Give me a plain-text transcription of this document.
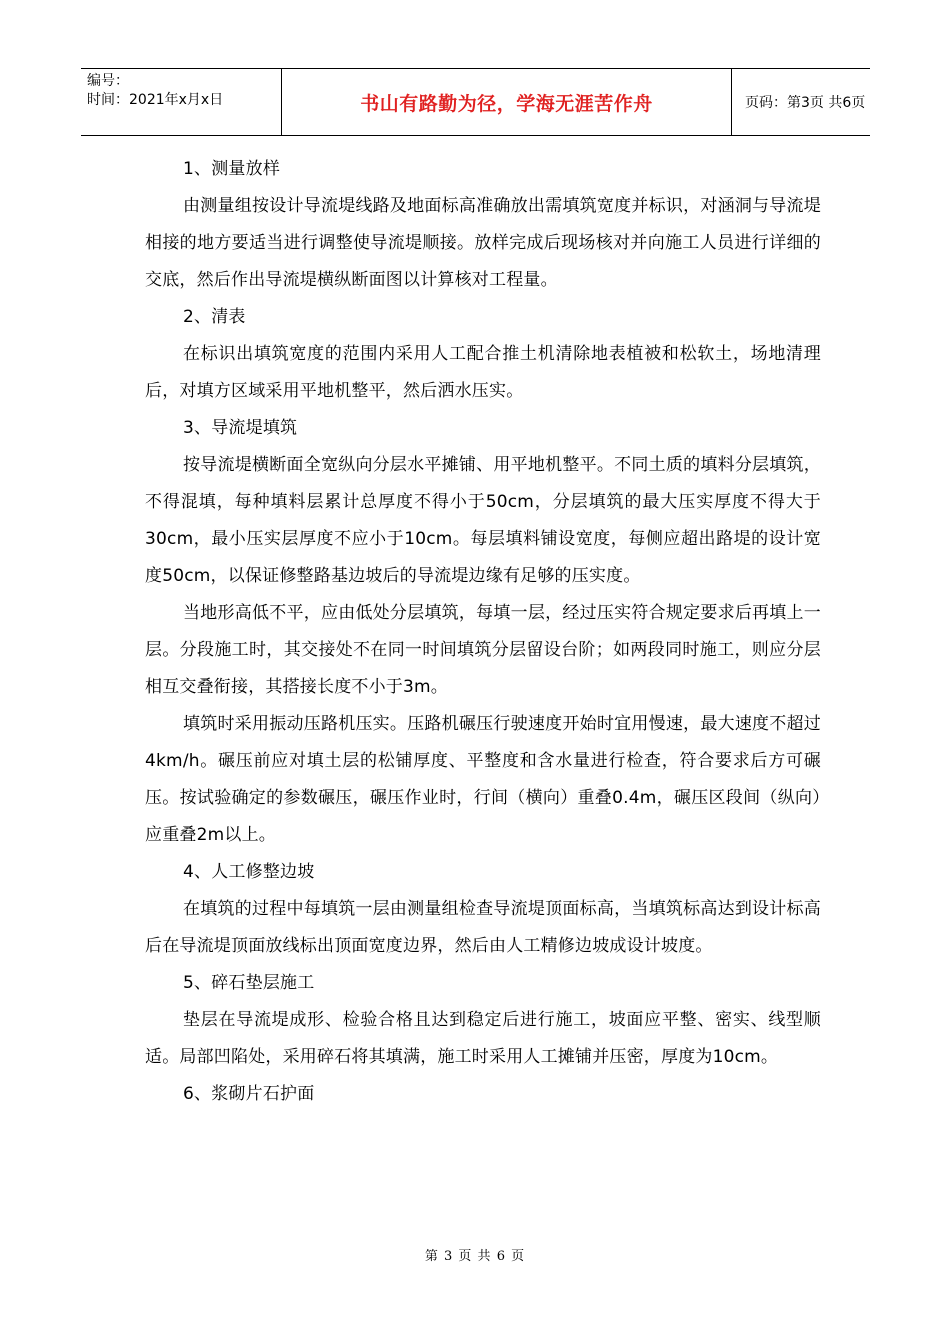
编号：
时间：2021年x月x日	书山有路勤为径，学海无涯苦作舟	页码：第3页 共6页

1、测量放样

由测量组按设计导流堤线路及地面标高准确放出需填筑宽度并标识，对涵洞与导流堤相接的地方要适当进行调整使导流堤顺接。放样完成后现场核对并向施工人员进行详细的交底，然后作出导流堤横纵断面图以计算核对工程量。

2、清表

在标识出填筑宽度的范围内采用人工配合推土机清除地表植被和松软土，场地清理后，对填方区域采用平地机整平，然后洒水压实。

3、导流堤填筑

按导流堤横断面全宽纵向分层水平摊铺、用平地机整平。不同土质的填料分层填筑，不得混填，每种填料层累计总厚度不得小于50cm，分层填筑的最大压实厚度不得大于30cm，最小压实层厚度不应小于10cm。每层填料铺设宽度，每侧应超出路堤的设计宽度50cm，以保证修整路基边坡后的导流堤边缘有足够的压实度。

当地形高低不平，应由低处分层填筑，每填一层，经过压实符合规定要求后再填上一层。分段施工时，其交接处不在同一时间填筑分层留设台阶；如两段同时施工，则应分层相互交叠衔接，其搭接长度不小于3m。

填筑时采用振动压路机压实。压路机碾压行驶速度开始时宜用慢速，最大速度不超过4km/h。碾压前应对填土层的松铺厚度、平整度和含水量进行检查，符合要求后方可碾压。按试验确定的参数碾压，碾压作业时，行间（横向）重叠0.4m，碾压区段间（纵向）应重叠2m以上。

4、人工修整边坡

在填筑的过程中每填筑一层由测量组检查导流堤顶面标高，当填筑标高达到设计标高后在导流堤顶面放线标出顶面宽度边界，然后由人工精修边坡成设计坡度。

5、碎石垫层施工

垫层在导流堤成形、检验合格且达到稳定后进行施工，坡面应平整、密实、线型顺适。局部凹陷处，采用碎石将其填满，施工时采用人工摊铺并压密，厚度为10cm。

6、浆砌片石护面

第 3 页 共 6 页
